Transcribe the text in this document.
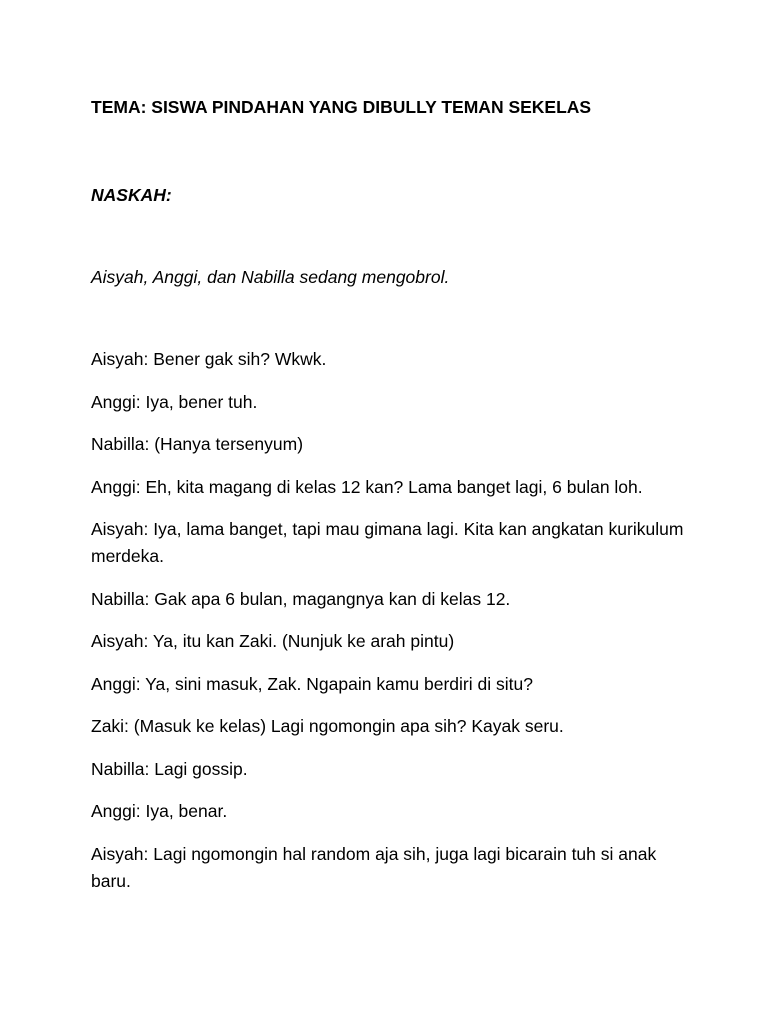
TEMA: SISWA PINDAHAN YANG DIBULLY TEMAN SEKELAS

NASKAH:

Aisyah, Anggi, dan Nabilla sedang mengobrol.

Aisyah: Bener gak sih? Wkwk.

Anggi: Iya, bener tuh.

Nabilla: (Hanya tersenyum)

Anggi: Eh, kita magang di kelas 12 kan? Lama banget lagi, 6 bulan loh.

Aisyah: Iya, lama banget, tapi mau gimana lagi. Kita kan angkatan kurikulum merdeka.

Nabilla: Gak apa 6 bulan, magangnya kan di kelas 12.

Aisyah: Ya, itu kan Zaki. (Nunjuk ke arah pintu)

Anggi: Ya, sini masuk, Zak. Ngapain kamu berdiri di situ?

Zaki: (Masuk ke kelas) Lagi ngomongin apa sih? Kayak seru.

Nabilla: Lagi gossip.

Anggi: Iya, benar.

Aisyah: Lagi ngomongin hal random aja sih, juga lagi bicarain tuh si anak baru.
